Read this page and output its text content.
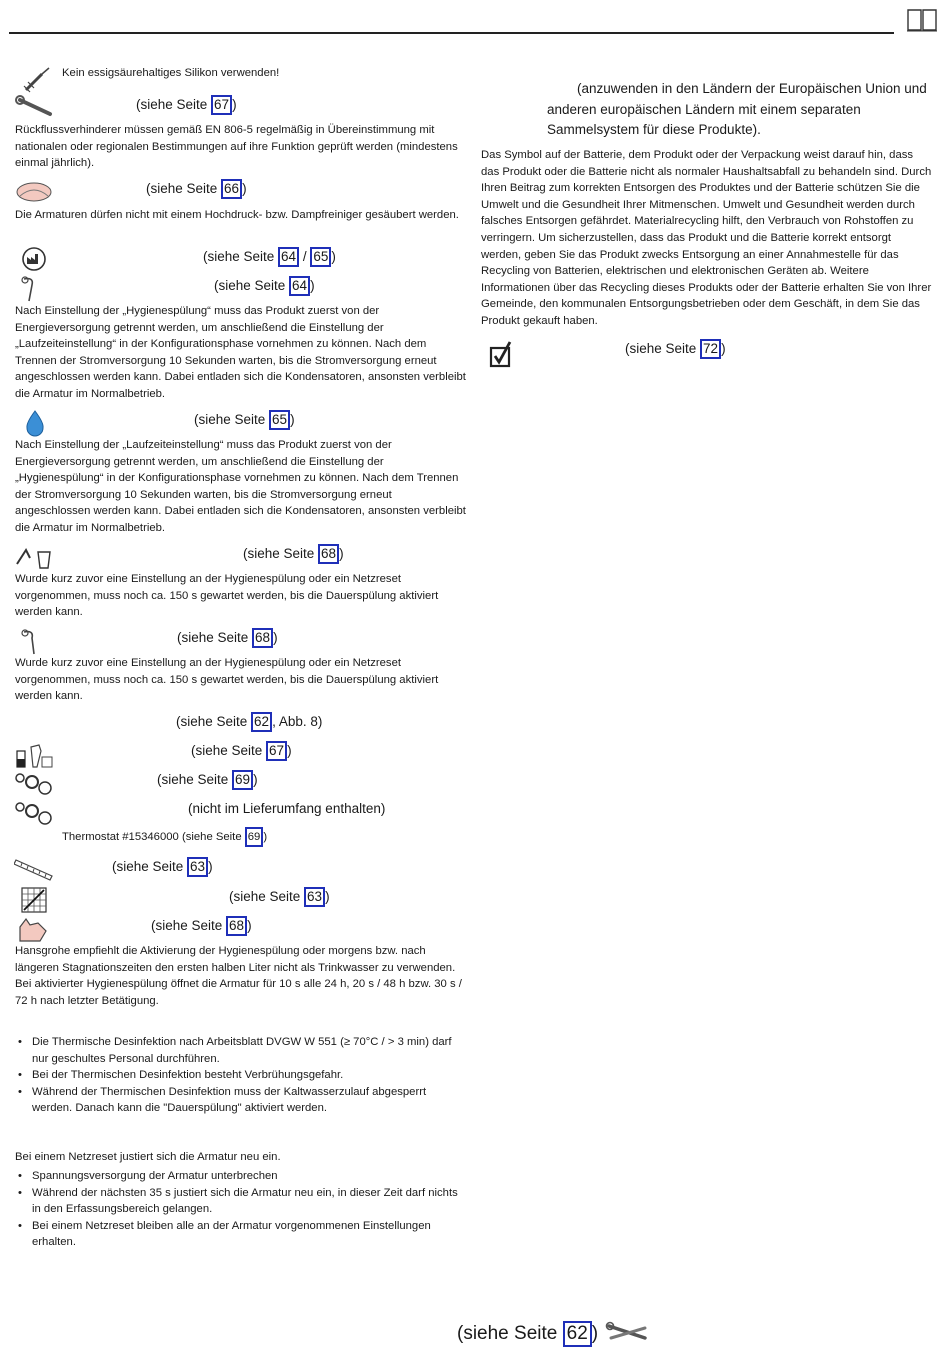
Kein essigsäurehaltiges Silikon verwenden!
(siehe Seite 67 )
Rückflussverhinderer müssen gemäß EN 806-5 regelmäßig in Übereinstimmung mit nationalen oder regionalen Bestimmungen auf ihre Funktion geprüft werden (mindestens einmal jährlich).
(siehe Seite 66 )
Die Armaturen dürfen nicht mit einem Hochdruck- bzw. Dampfreiniger gesäubert werden.
(siehe Seite 64 / 65 )
(siehe Seite 64 )
Nach Einstellung der „Hygienespülung“ muss das Produkt zuerst von der Energieversorgung getrennt werden, um anschließend die Einstellung der „Laufzeiteinstellung“ in der Konfigurationsphase vornehmen zu können. Nach dem Trennen der Stromversorgung 10 Sekunden warten, bis die Stromversorgung erneut angeschlossen werden kann. Dabei entladen sich die Kondensatoren, ansonsten verbleibt die Armatur im Normalbetrieb.
(siehe Seite 65 )
Nach Einstellung der „Laufzeiteinstellung“ muss das Produkt zuerst von der Energieversorgung getrennt werden, um anschließend die Einstellung der „Hygienespülung“ in der Konfigurationsphase vornehmen zu können. Nach dem Trennen der Stromversorgung 10 Sekunden warten, bis die Stromversorgung erneut angeschlossen werden kann. Dabei entladen sich die Kondensatoren, ansonsten verbleibt die Armatur im Normalbetrieb.
(siehe Seite 68 )
Wurde kurz zuvor eine Einstellung an der Hygienespülung oder ein Netzreset vorgenommen, muss noch ca. 150 s gewartet werden, bis die Dauerspülung aktiviert werden kann.
(siehe Seite 68 )
Wurde kurz zuvor eine Einstellung an der Hygienespülung oder ein Netzreset vorgenommen, muss noch ca. 150 s gewartet werden, bis die Dauerspülung aktiviert werden kann.
(siehe Seite 62 , Abb. 8)
(siehe Seite 67 )
(siehe Seite 69 )
(nicht im Lieferumfang enthalten)
Thermostat #15346000 (siehe Seite 69 )
(siehe Seite 63 )
(siehe Seite 63 )
(siehe Seite 68 )
Hansgrohe empfiehlt die Aktivierung der Hygienespülung oder morgens bzw. nach längeren Stagnationszeiten den ersten halben Liter nicht als Trinkwasser zu verwenden. Bei aktivierter Hygienespülung öffnet die Armatur für 10 s alle 24 h, 20 s / 48 h bzw. 30 s / 72 h nach letzter Betätigung.
• Die Thermische Desinfektion nach Arbeitsblatt DVGW W 551 (≥ 70°C / > 3 min) darf nur geschultes Personal durchführen.
• Bei der Thermischen Desinfektion besteht Verbrühungsgefahr.
• Während der Thermischen Desinfektion muss der Kaltwasserzulauf abgesperrt werden. Danach kann die "Dauerspülung" aktiviert werden.
Bei einem Netzreset justiert sich die Armatur neu ein.
• Spannungsversorgung der Armatur unterbrechen
• Während der nächsten 35 s justiert sich die Armatur neu ein, in dieser Zeit darf nichts in den Erfassungsbereich gelangen.
• Bei einem Netzreset bleiben alle an der Armatur vorgenommenen Einstellungen erhalten.
(anzuwenden in den Ländern der Europäischen Union und anderen europäischen Ländern mit einem separaten Sammelsystem für diese Produkte).
Das Symbol auf der Batterie, dem Produkt oder der Verpackung weist darauf hin, dass das Produkt oder die Batterie nicht als normaler Haushaltsabfall zu behandeln sind. Durch Ihren Beitrag zum korrekten Entsorgen des Produktes und der Batterie schützen Sie die Umwelt und die Gesundheit Ihrer Mitmenschen. Umwelt und Gesundheit werden durch falsches Entsorgen gefährdet. Materialrecycling hilft, den Verbrauch von Rohstoffen zu verringern. Um sicherzustellen, dass das Produkt und die Batterie korrekt entsorgt werden, geben Sie das Produkt zwecks Entsorgung an einer Annahmestelle für das Recycling von Batterien, elektrischen und elektronischen Geräten ab. Weitere Informationen über das Recycling dieses Produkts oder der Batterie erhalten Sie von Ihrer Gemeinde, den kommunalen Entsorgungsbetrieben oder dem Geschäft, in dem Sie das Produkt gekauft haben.
(siehe Seite 72 )
(siehe Seite 62 )
